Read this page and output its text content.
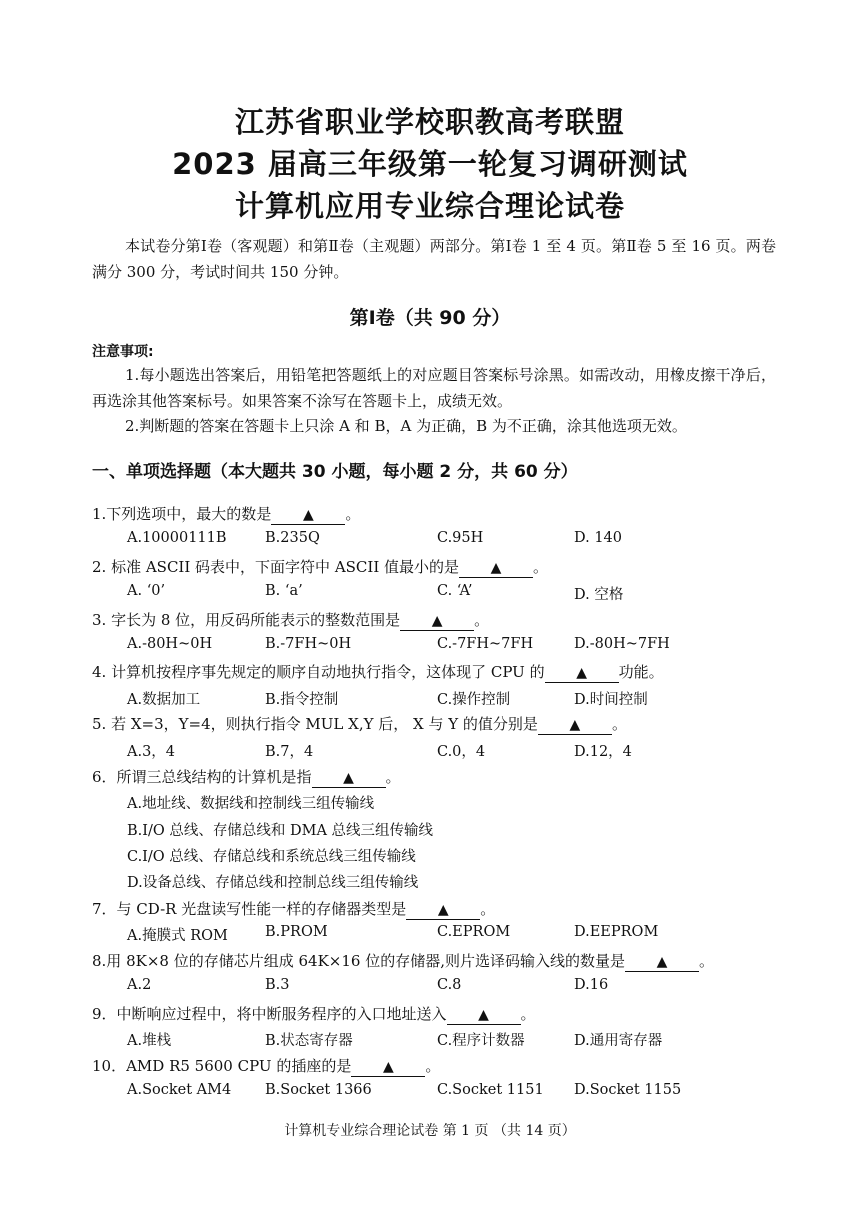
江苏省职业学校职教高考联盟
2023 届高三年级第一轮复习调研测试
计算机应用专业综合理论试卷
本试卷分第Ⅰ卷（客观题）和第Ⅱ卷（主观题）两部分。第Ⅰ卷 1 至 4 页。第Ⅱ卷 5 至 16 页。两卷满分 300 分，考试时间共 150 分钟。
第Ⅰ卷（共 90 分）
注意事项:
1.每小题选出答案后，用铅笔把答题纸上的对应题目答案标号涂黑。如需改动，用橡皮擦干净后，再选涂其他答案标号。如果答案不涂写在答题卡上，成绩无效。
2.判断题的答案在答题卡上只涂 A 和 B，A 为正确，B 为不正确，涂其他选项无效。
一、单项选择题（本大题共 30 小题，每小题 2 分，共 60 分）
1.下列选项中，最大的数是 ▲ 。
A.10000111B	B.235Q	C.95H	D. 140
2. 标准 ASCII 码表中，下面字符中 ASCII 值最小的是 ▲ 。
A. ‘0’	B. ‘a’	C. ‘A’	D. 空格
3. 字长为 8 位，用反码所能表示的整数范围是 ▲ 。
A.-80H~0H	B.-7FH~0H	C.-7FH~7FH	D.-80H~7FH
4. 计算机按程序事先规定的顺序自动地执行指令，这体现了 CPU 的 ▲ 功能。
A.数据加工	B.指令控制	C.操作控制	D.时间控制
5. 若 X=3，Y=4，则执行指令 MUL X,Y 后， X 与 Y 的值分别是 ▲ 。
A.3，4	B.7，4	C.0，4	D.12，4
6．所谓三总线结构的计算机是指 ▲ 。
A.地址线、数据线和控制线三组传输线
B.I/O 总线、存储总线和 DMA 总线三组传输线
C.I/O 总线、存储总线和系统总线三组传输线
D.设备总线、存储总线和控制总线三组传输线
7．与 CD-R 光盘读写性能一样的存储器类型是 ▲ 。
A.掩膜式 ROM	B.PROM	C.EPROM	D.EEPROM
8.用 8K×8 位的存储芯片组成 64K×16 位的存储器,则片选译码输入线的数量是 ▲ 。
A.2	B.3	C.8	D.16
9．中断响应过程中，将中断服务程序的入口地址送入 ▲ 。
A.堆栈	B.状态寄存器	C.程序计数器	D.通用寄存器
10．AMD R5 5600 CPU 的插座的是 ▲ 。
A.Socket AM4 B.Socket 1366	C.Socket 1151 D.Socket 1155
计算机专业综合理论试卷 第 1 页 （共 14 页）
